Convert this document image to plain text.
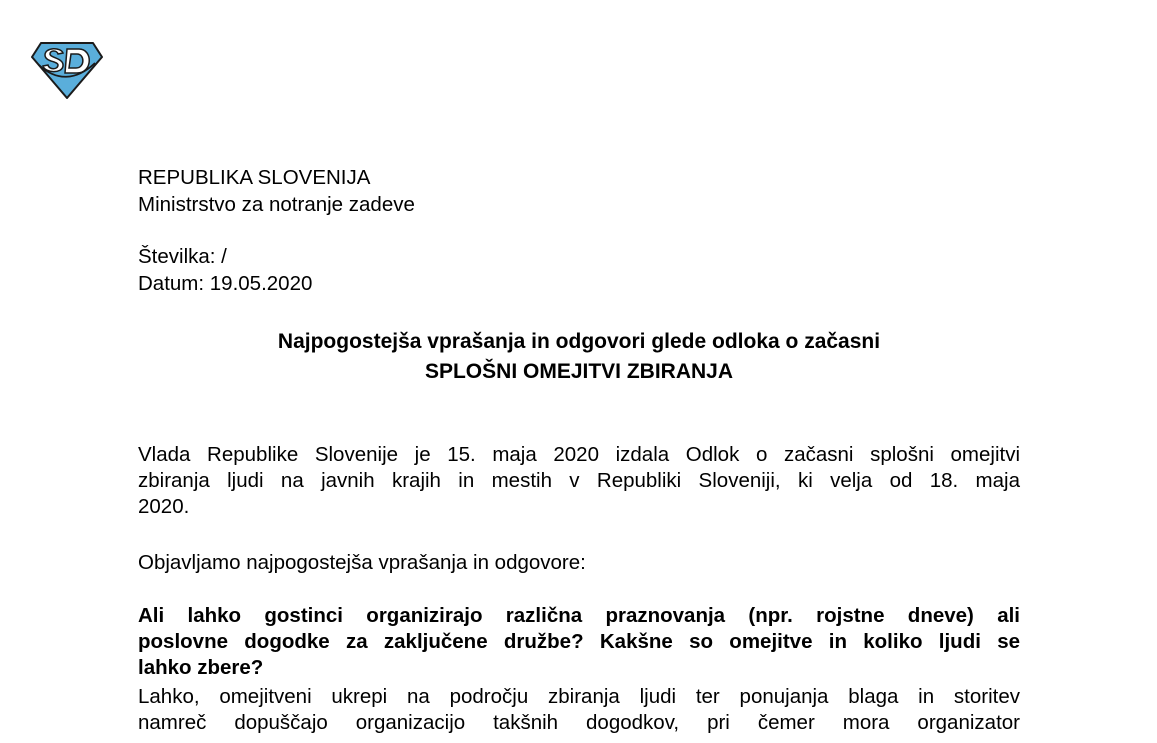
REPUBLIKA SLOVENIJA
Ministrstvo za notranje zadeve
Številka: /
Datum: 19.05.2020
Najpogostejša vprašanja in odgovori glede odloka o začasni
SPLOŠNI OMEJITVI ZBIRANJA
Vlada Republike Slovenije je 15. maja 2020 izdala Odlok o začasni splošni omejitvi
zbiranja ljudi na javnih krajih in mestih v Republiki Sloveniji, ki velja od 18. maja
2020.
Objavljamo najpogostejša vprašanja in odgovore:
Ali lahko gostinci organizirajo različna praznovanja (npr. rojstne dneve) ali
poslovne dogodke za zaključene družbe? Kakšne so omejitve in koliko ljudi se
lahko zbere?
Lahko, omejitveni ukrepi na področju zbiranja ljudi ter ponujanja blaga in storitev
namreč dopuščajo organizacijo takšnih dogodkov, pri čemer mora organizator
